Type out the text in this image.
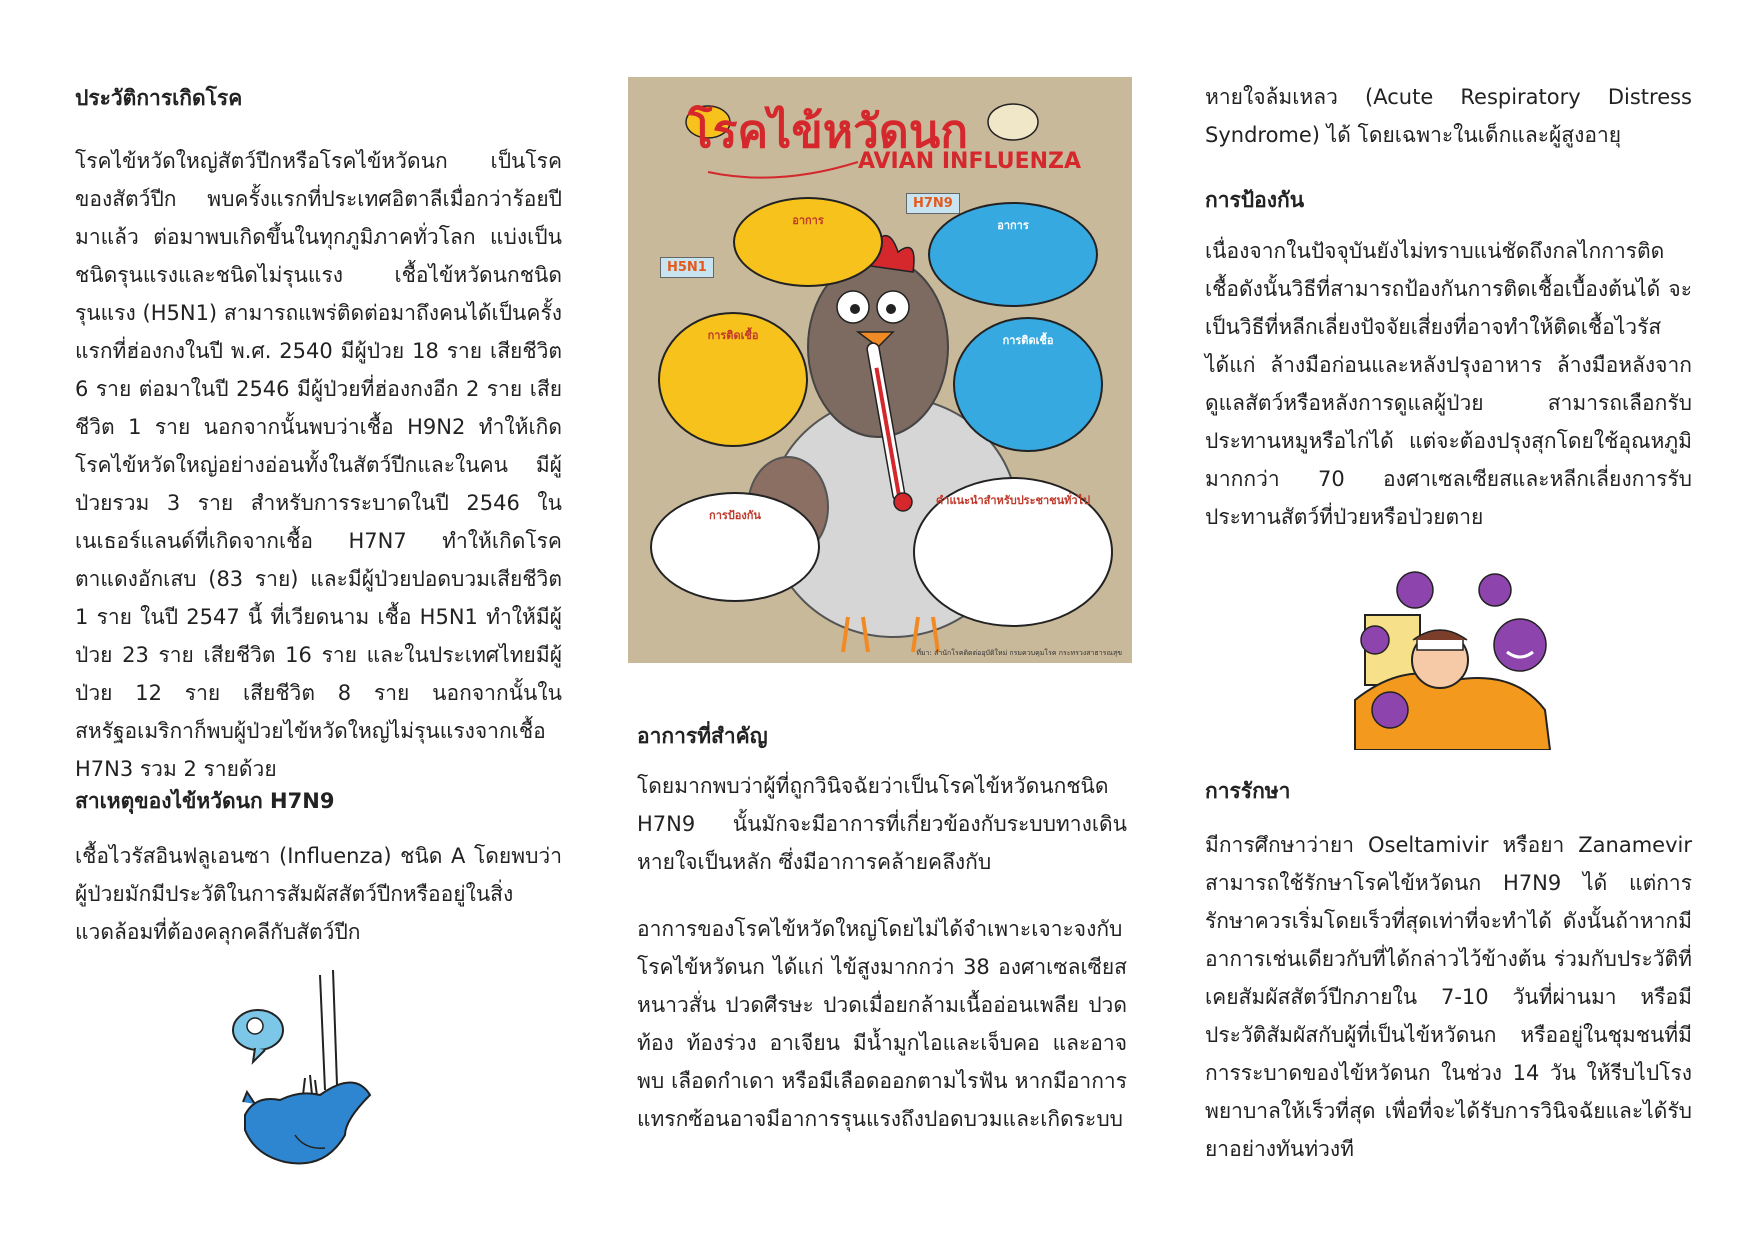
ประวัติการเกิดโรค

โรคไข้หวัดใหญ่สัตว์ปีกหรือโรคไข้หวัดนก เป็นโรคของสัตว์ปีก พบครั้งแรกที่ประเทศอิตาลีเมื่อกว่าร้อยปีมาแล้ว ต่อมาพบเกิดขึ้นในทุกภูมิภาคทั่วโลก แบ่งเป็นชนิดรุนแรงและชนิดไม่รุนแรง เชื้อไข้หวัดนกชนิดรุนแรง (H5N1) สามารถแพร่ติดต่อมาถึงคนได้เป็นครั้งแรกที่ฮ่องกงในปี พ.ศ. 2540 มีผู้ป่วย 18 ราย เสียชีวิต 6 ราย ต่อมาในปี 2546 มีผู้ป่วยที่ฮ่องกงอีก 2 ราย เสียชีวิต 1 ราย นอกจากนั้นพบว่าเชื้อ H9N2 ทำให้เกิดโรคไข้หวัดใหญ่อย่างอ่อนทั้งในสัตว์ปีกและในคน มีผู้ป่วยรวม 3 ราย สำหรับการระบาดในปี 2546 ในเนเธอร์แลนด์ที่เกิดจากเชื้อ H7N7 ทำให้เกิดโรคตาแดงอักเสบ (83 ราย) และมีผู้ป่วยปอดบวมเสียชีวิต 1 ราย ในปี 2547 นี้ ที่เวียดนาม เชื้อ H5N1 ทำให้มีผู้ป่วย 23 ราย เสียชีวิต 16 ราย และในประเทศไทยมีผู้ป่วย 12 ราย เสียชีวิต 8 ราย นอกจากนั้นในสหรัฐอเมริกาก็พบผู้ป่วยไข้หวัดใหญ่ไม่รุนแรงจากเชื้อ H7N3 รวม 2 รายด้วย

สาเหตุของไข้หวัดนก H7N9

เชื้อไวรัสอินฟลูเอนซา (Influenza) ชนิด A โดยพบว่าผู้ป่วยมักมีประวัติในการสัมผัสสัตว์ปีกหรืออยู่ในสิ่งแวดล้อมที่ต้องคลุกคลีกับสัตว์ปีก

โรคไข้หวัดนก
AVIAN INFLUENZA
H7N9
H5N1
อาการ	อาการ
การติดเชื้อ	การติดเชื้อ
การป้องกัน
คำแนะนำสำหรับประชาชนทั่วไป
ที่มา: สำนักโรคติดต่ออุบัติใหม่ กรมควบคุมโรค กระทรวงสาธารณสุข
อาการที่สำคัญ

โดยมากพบว่าผู้ที่ถูกวินิจฉัยว่าเป็นโรคไข้หวัดนกชนิด H7N9 นั้นมักจะมีอาการที่เกี่ยวข้องกับระบบทางเดินหายใจเป็นหลัก ซึ่งมีอาการคล้ายคลึงกับ

อาการของโรคไข้หวัดใหญ่โดยไม่ได้จำเพาะเจาะจงกับโรคไข้หวัดนก ได้แก่ ไข้สูงมากกว่า 38 องศาเซลเซียส หนาวสั่น ปวดศีรษะ ปวดเมื่อยกล้ามเนื้ออ่อนเพลีย ปวดท้อง ท้องร่วง อาเจียน มีน้ำมูกไอและเจ็บคอ และอาจพบ เลือดกำเดา หรือมีเลือดออกตามไรฟัน หากมีอาการแทรกซ้อนอาจมีอาการรุนแรงถึงปอดบวมและเกิดระบบ

หายใจล้มเหลว (Acute Respiratory Distress Syndrome) ได้ โดยเฉพาะในเด็กและผู้สูงอายุ

การป้องกัน

เนื่องจากในปัจจุบันยังไม่ทราบแน่ชัดถึงกลไกการติดเชื้อดังนั้นวิธีที่สามารถป้องกันการติดเชื้อเบื้องต้นได้ จะเป็นวิธีที่หลีกเลี่ยงปัจจัยเสี่ยงที่อาจทำให้ติดเชื้อไวรัส ได้แก่ ล้างมือก่อนและหลังปรุงอาหาร ล้างมือหลังจากดูแลสัตว์หรือหลังการดูแลผู้ป่วย สามารถเลือกรับประทานหมูหรือไก่ได้ แต่จะต้องปรุงสุกโดยใช้อุณหภูมิมากกว่า 70 องศาเซลเซียสและหลีกเลี่ยงการรับประทานสัตว์ที่ป่วยหรือป่วยตาย

การรักษา

มีการศึกษาว่ายา Oseltamivir หรือยา Zanamevir สามารถใช้รักษาโรคไข้หวัดนก H7N9 ได้ แต่การรักษาควรเริ่มโดยเร็วที่สุดเท่าที่จะทำได้ ดังนั้นถ้าหากมีอาการเช่นเดียวกับที่ได้กล่าวไว้ข้างต้น ร่วมกับประวัติที่เคยสัมผัสสัตว์ปีกภายใน 7-10 วันที่ผ่านมา หรือมีประวัติสัมผัสกับผู้ที่เป็นไข้หวัดนก หรืออยู่ในชุมชนที่มีการระบาดของไข้หวัดนก ในช่วง 14 วัน ให้รีบไปโรงพยาบาลให้เร็วที่สุด เพื่อที่จะได้รับการวินิจฉัยและได้รับยาอย่างทันท่วงที
